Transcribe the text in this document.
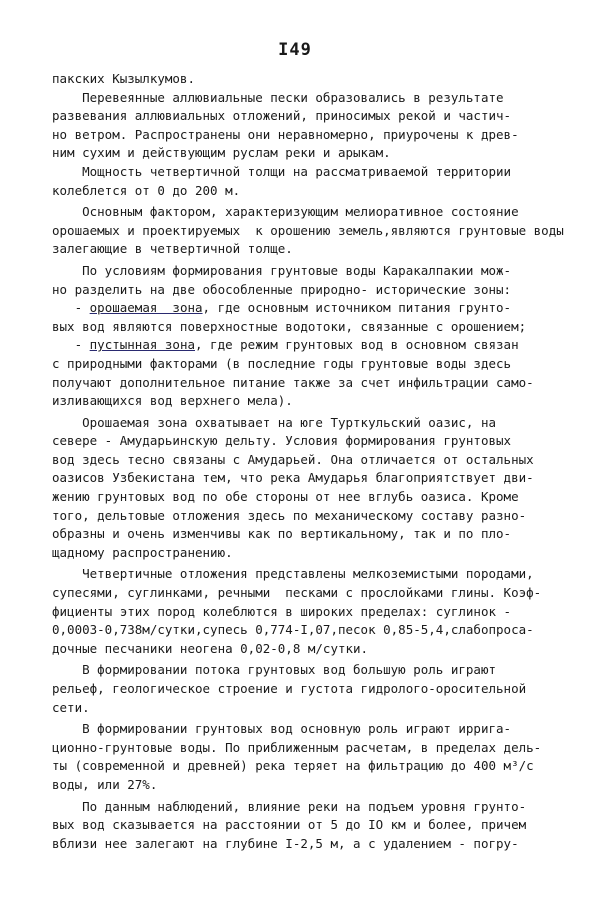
I49
пакских Кызылкумов.
Перевеянные аллювиальные пески образовались в результате
развевания аллювиальных отложений, приносимых рекой и частич-
но ветром. Распространены они неравномерно, приурочены к древ-
ним сухим и действующим руслам реки и арыкам.
Мощность четвертичной толщи на рассматриваемой территории
колеблется от 0 до 200 м.
Основным фактором, характеризующим мелиоративное состояние
орошаемых и проектируемых  к орошению земель,являются грунтовые воды
залегающие в четвертичной толще.
По условиям формирования грунтовые воды Каракалпакии мож-
но разделить на две обособленные природно- исторические зоны:
- орошаемая  зона, где основным источником питания грунто-
вых вод являются поверхностные водотоки, связанные с орошением;
- пустынная зона, где режим грунтовых вод в основном связан
с природными факторами (в последние годы грунтовые воды здесь
получают дополнительное питание также за счет инфильтрации само-
изливающихся вод верхнего мела).
Орошаемая зона охватывает на юге Турткульский оазис, на
севере - Амударьинскую дельту. Условия формирования грунтовых
вод здесь тесно связаны с Амударьей. Она отличается от остальных
оазисов Узбекистана тем, что река Амударья благоприятствует дви-
жению грунтовых вод по обе стороны от нее вглубь оазиса. Кроме
того, дельтовые отложения здесь по механическому составу разно-
образны и очень изменчивы как по вертикальному, так и по пло-
щадному распространению.
Четвертичные отложения представлены мелкоземистыми породами,
супесями, суглинками, речными  песками с прослойками глины. Коэф-
фициенты этих пород колеблются в широких пределах: суглинок -
0,0003-0,738м/сутки,супесь 0,774-I,07,песок 0,85-5,4,слабопроса-
дочные песчаники неогена 0,02-0,8 м/сутки.
В формировании потока грунтовых вод большую роль играют
рельеф, геологическое строение и густота гидролого-оросительной
сети.
В формировании грунтовых вод основную роль играют ирригa-
ционно-грунтовые воды. По приближенным расчетам, в пределах дель-
ты (современной и древней) река теряет на фильтрацию до 400 м³/с
воды, или 27%.
По данным наблюдений, влияние реки на подъем уровня грунто-
вых вод сказывается на расстоянии от 5 до IO км и более, причем
вблизи нее залегают на глубине I-2,5 м, а с удалением - погру-
